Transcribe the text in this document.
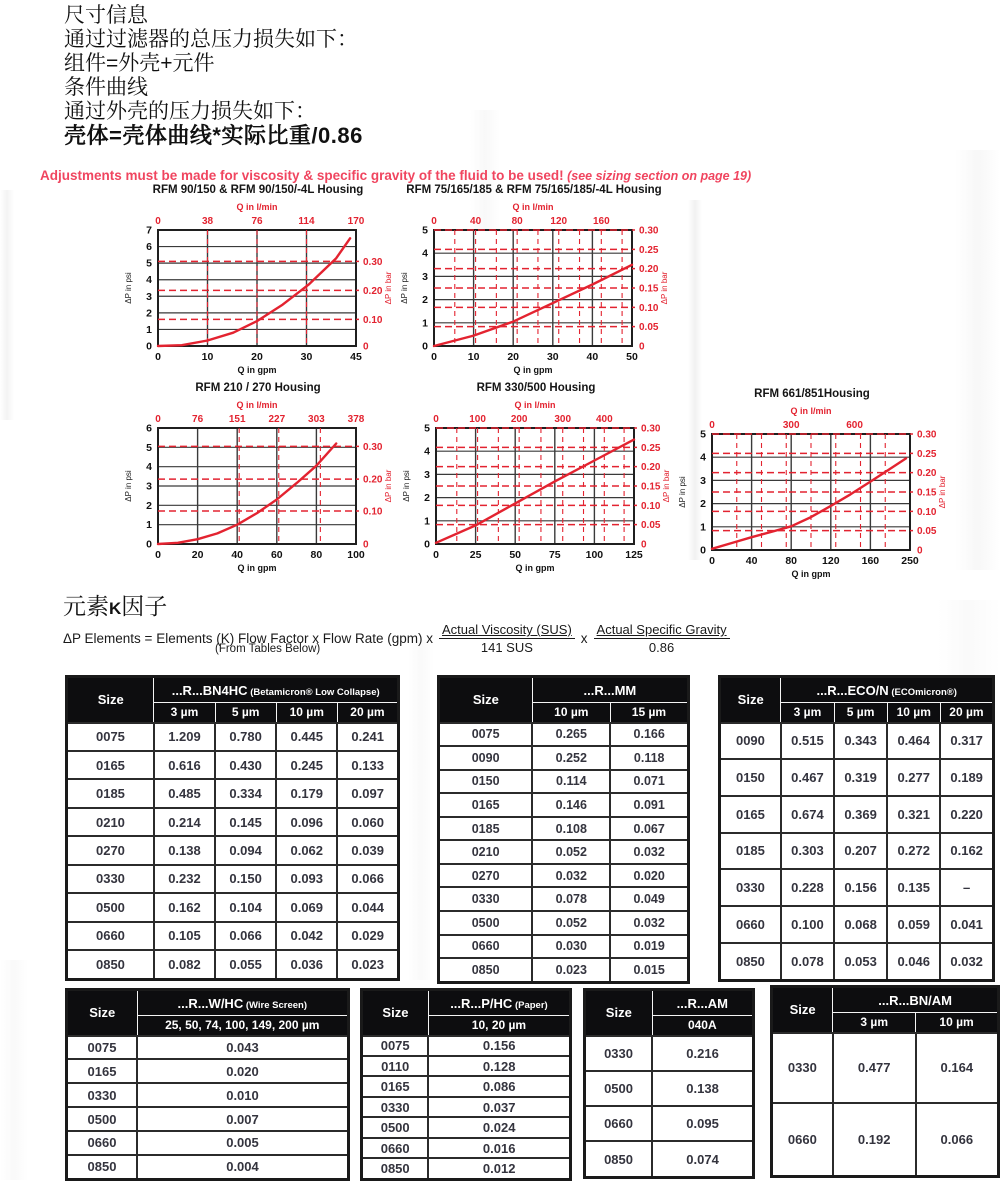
尺寸信息
通过过滤器的总压力损失如下：
组件=外壳+元件
条件曲线
通过外壳的压力损失如下：
壳体=壳体曲线*实际比重/0.86
Adjustments must be made for viscosity & specific gravity of the fluid to be used! (see sizing section on page 19)
RFM 90/150 & RFM 90/150/-4L Housing
Q in l/min
0	38	76	114	170
0
1
2
3
4
5
6
7
0
0.10
0.20
0.30
0	10	20	30	45
Q in gpm
ΔP in psi	ΔP in bar
RFM 75/165/185 & RFM 75/165/185/-4L Housing
Q in l/min
0	40	80	120	160
0
1
2
3
4
5
0
0.05
0.10
0.15
0.20
0.25
0.30
0	10	20	30	40	50
Q in gpm
ΔP in psi	ΔP in bar
RFM 210 / 270 Housing
Q in l/min
0	76	151 227 303 378
0
1
2
3
4
5
6
0
0.10
0.20
0.30
0	20	40	60	80 100
Q in gpm
ΔP in psi	ΔP in bar
RFM 330/500 Housing
Q in l/min
0	100 200	300 400
0
1
2
3
4
5
0
0.05
0.10
0.15
0.20
0.25
0.30
0	25	50	75 100 125
Q in gpm
ΔP in psi	ΔP in bar
RFM 661/851Housing
Q in l/min
0	300	600
0
1
2
3
4
5
0
0.05
0.10
0.15
0.20
0.25
0.30
0	40	80 120 160 250
Q in gpm
ΔP in psi	ΔP in bar
元素K因子
ΔP Elements = Elements (K) Flow Factor x Flow Rate (gpm) x $\frac{\text{Actual Viscosity (SUS)}}{\text{141 SUS}}$ x $\frac{\text{Actual Specific Gravity}}{0.86}$
(From Tables Below)
Size	...R...BN4HC (Betamicron® Low Collapse)			
	3 µm	5 µm	10 µm	20 µm
0075	1.209	0.780	0.445	0.241
0165	0.616	0.430	0.245	0.133
0185	0.485	0.334	0.179	0.097
0210	0.214	0.145	0.096	0.060
0270	0.138	0.094	0.062	0.039
0330	0.232	0.150	0.093	0.066
0500	0.162	0.104	0.069	0.044
0660	0.105	0.066	0.042	0.029
0850	0.082	0.055	0.036	0.023
Size	...R...MM	
	10 µm	15 µm
0075	0.265	0.166
0090	0.252	0.118
0150	0.114	0.071
0165	0.146	0.091
0185	0.108	0.067
0210	0.052	0.032
0270	0.032	0.020
0330	0.078	0.049
0500	0.052	0.032
0660	0.030	0.019
0850	0.023	0.015
Size	...R...ECO/N (ECOmicron®)			
	3 µm	5 µm	10 µm	20 µm
0090	0.515	0.343	0.464	0.317
0150	0.467	0.319	0.277	0.189
0165	0.674	0.369	0.321	0.220
0185	0.303	0.207	0.272	0.162
0330	0.228	0.156	0.135	–
0660	0.100	0.068	0.059	0.041
0850	0.078	0.053	0.046	0.032
Size	...R...W/HC (Wire Screen)
	25, 50, 74, 100, 149, 200 µm
0075	0.043
0165	0.020
0330	0.010
0500	0.007
0660	0.005
0850	0.004
Size	...R...P/HC (Paper)
	10, 20 µm
0075	0.156
0110	0.128
0165	0.086
0330	0.037
0500	0.024
0660	0.016
0850	0.012
Size	...R...AM
	040A
0330	0.216
0500	0.138
0660	0.095
0850	0.074
Size	...R...BN/AM	
	3 µm	10 µm
0330	0.477	0.164
0660	0.192	0.066
